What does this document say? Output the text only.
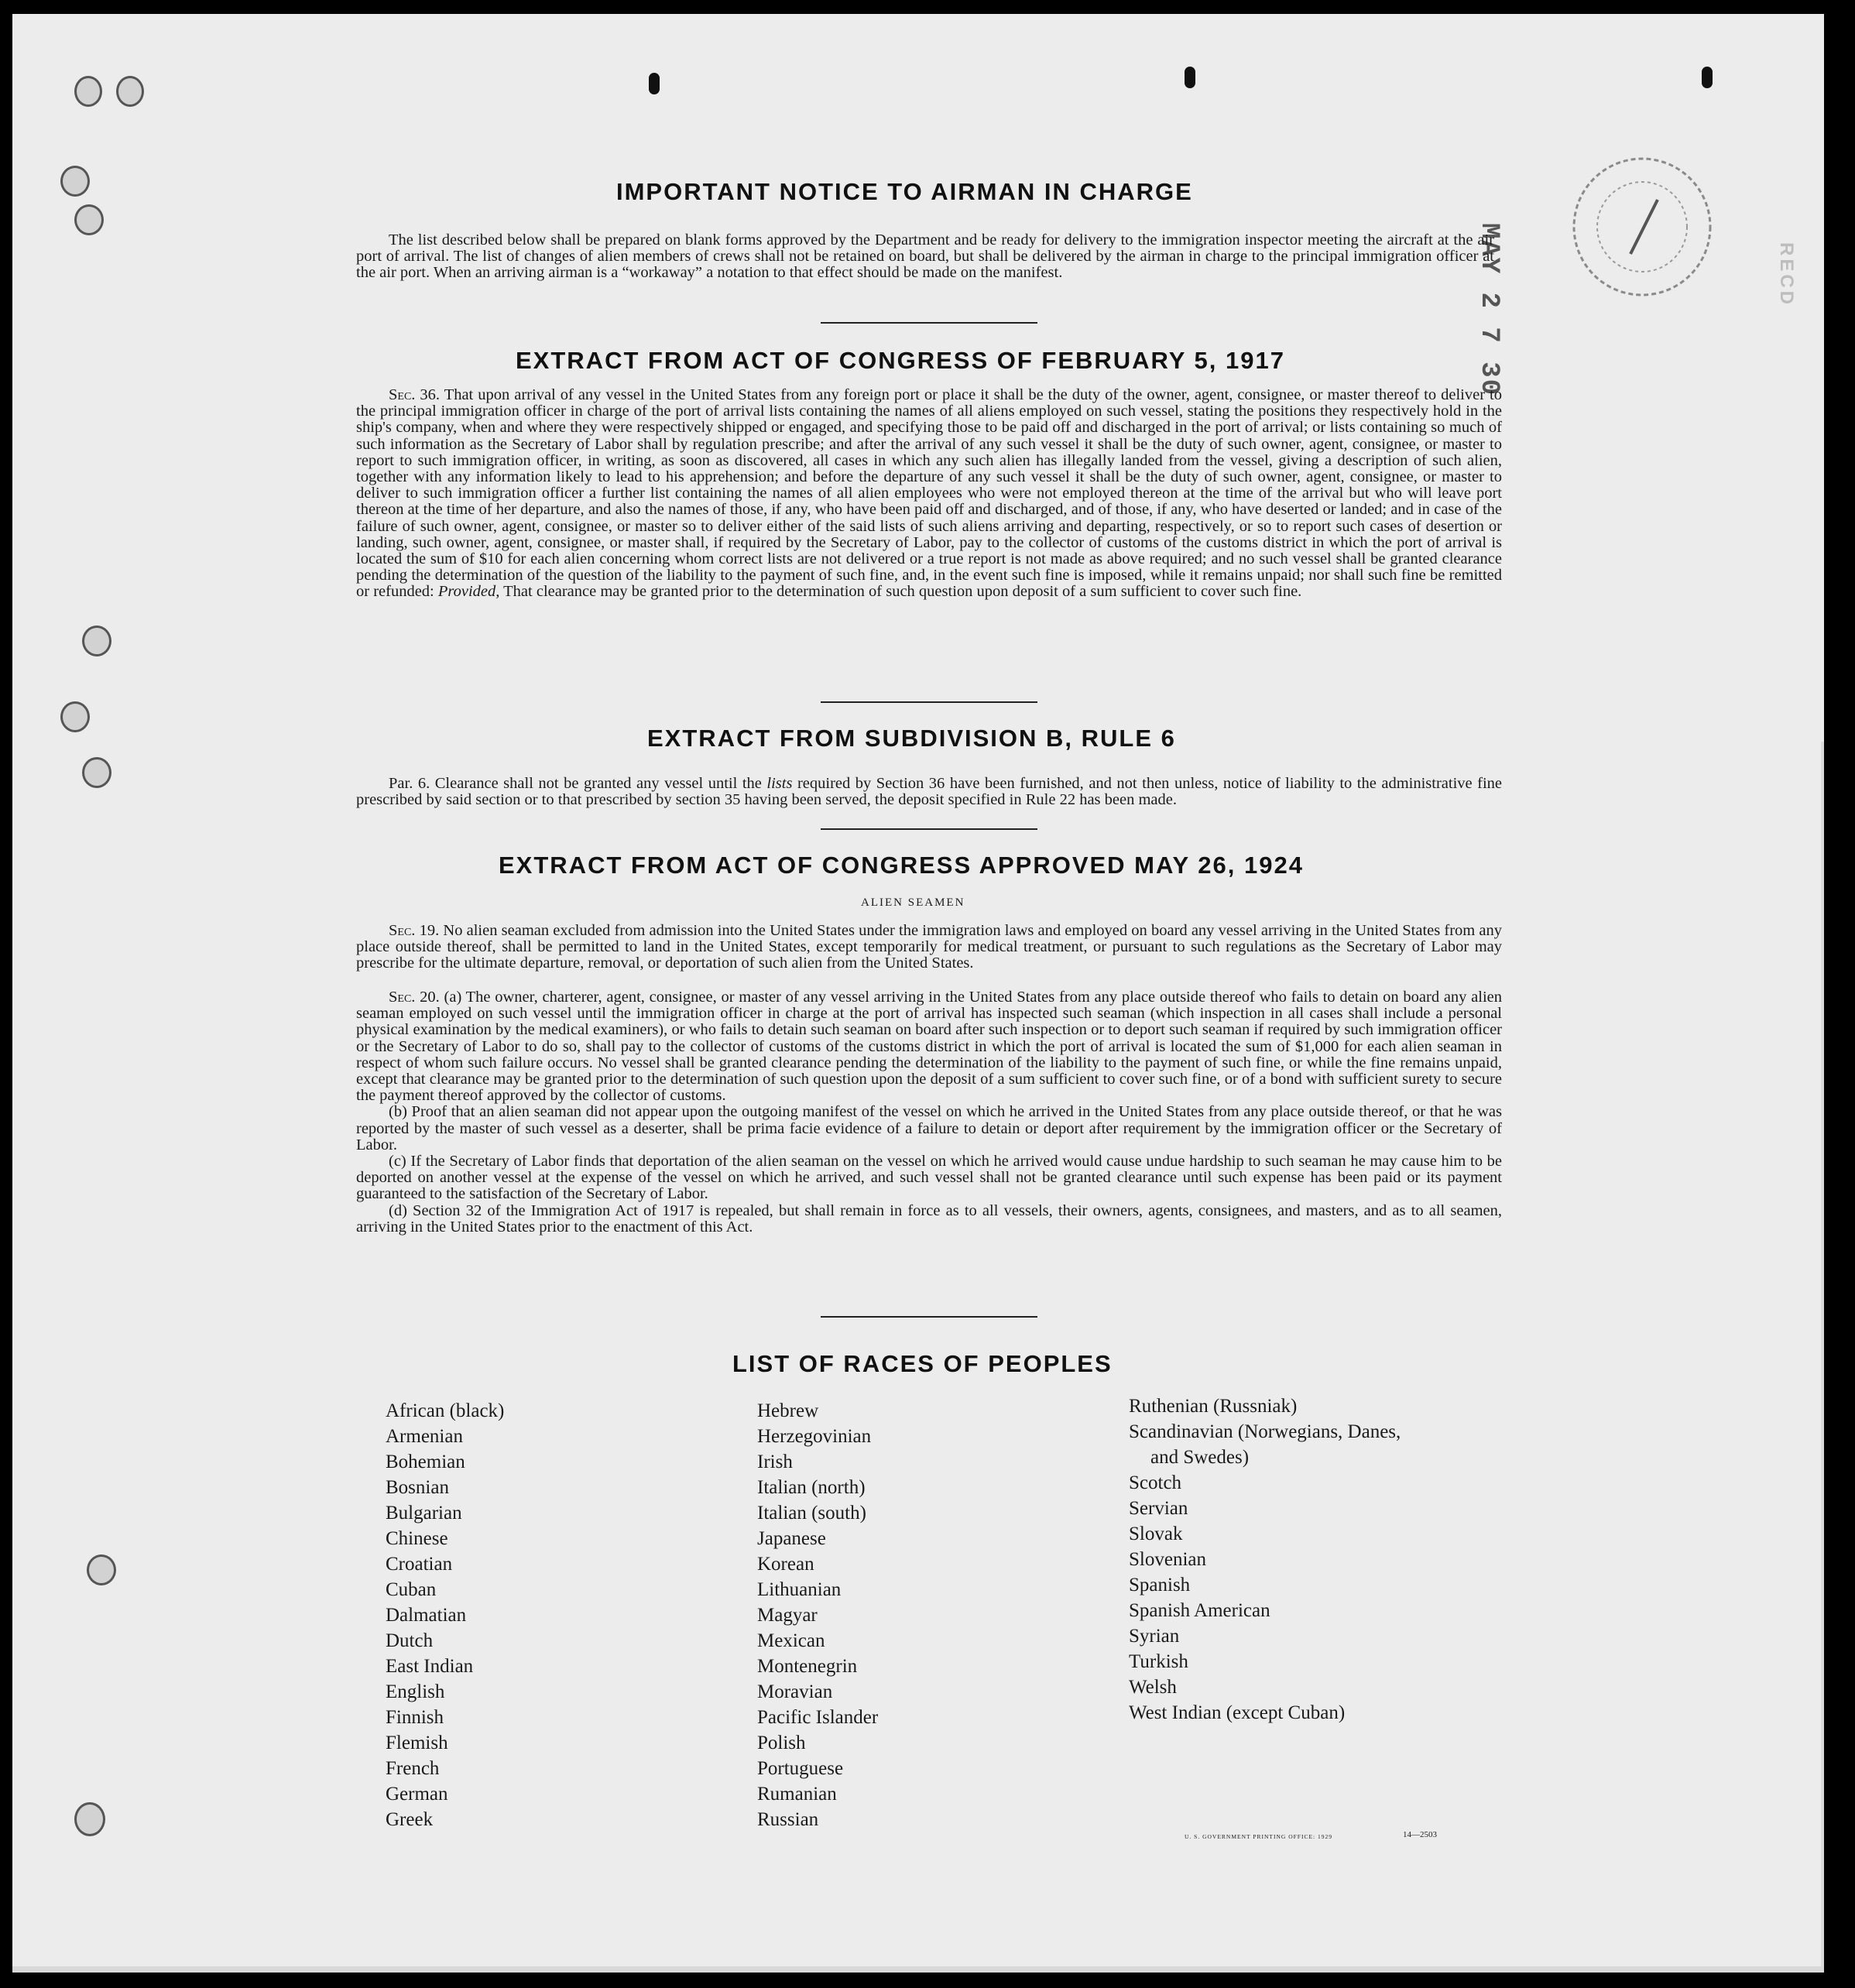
RECD
MAY 2 7 30
IMPORTANT NOTICE TO AIRMAN IN CHARGE

The list described below shall be prepared on blank forms approved by the Department and be ready for delivery to the immigration inspector meeting the aircraft at the air port of arrival. The list of changes of alien members of crews shall not be retained on board, but shall be delivered by the airman in charge to the principal immigration officer at the air port. When an arriving airman is a “workaway” a notation to that effect should be made on the manifest.

EXTRACT FROM ACT OF CONGRESS OF FEBRUARY 5, 1917

Sec. 36. That upon arrival of any vessel in the United States from any foreign port or place it shall be the duty of the owner, agent, consignee, or master thereof to deliver to the principal immigration officer in charge of the port of arrival lists containing the names of all aliens employed on such vessel, stating the positions they respectively hold in the ship's company, when and where they were respectively shipped or engaged, and specifying those to be paid off and discharged in the port of arrival; or lists containing so much of such information as the Secretary of Labor shall by regulation prescribe; and after the arrival of any such vessel it shall be the duty of such owner, agent, consignee, or master to report to such immigration officer, in writing, as soon as discovered, all cases in which any such alien has illegally landed from the vessel, giving a description of such alien, together with any information likely to lead to his apprehension; and before the departure of any such vessel it shall be the duty of such owner, agent, consignee, or master to deliver to such immigration officer a further list containing the names of all alien employees who were not employed thereon at the time of the arrival but who will leave port thereon at the time of her departure, and also the names of those, if any, who have been paid off and discharged, and of those, if any, who have deserted or landed; and in case of the failure of such owner, agent, consignee, or master so to deliver either of the said lists of such aliens arriving and departing, respectively, or so to report such cases of desertion or landing, such owner, agent, consignee, or master shall, if required by the Secretary of Labor, pay to the collector of customs of the customs district in which the port of arrival is located the sum of $10 for each alien concerning whom correct lists are not delivered or a true report is not made as above required; and no such vessel shall be granted clearance pending the determination of the question of the liability to the payment of such fine, and, in the event such fine is imposed, while it remains unpaid; nor shall such fine be remitted or refunded: Provided, That clearance may be granted prior to the determination of such question upon deposit of a sum sufficient to cover such fine.

EXTRACT FROM SUBDIVISION B, RULE 6

Par. 6. Clearance shall not be granted any vessel until the lists required by Section 36 have been furnished, and not then unless, notice of liability to the administrative fine prescribed by said section or to that prescribed by section 35 having been served, the deposit specified in Rule 22 has been made.

EXTRACT FROM ACT OF CONGRESS APPROVED MAY 26, 1924

ALIEN SEAMEN

Sec. 19. No alien seaman excluded from admission into the United States under the immigration laws and employed on board any vessel arriving in the United States from any place outside thereof, shall be permitted to land in the United States, except temporarily for medical treatment, or pursuant to such regulations as the Secretary of Labor may prescribe for the ultimate departure, removal, or deportation of such alien from the United States.

Sec. 20. (a) The owner, charterer, agent, consignee, or master of any vessel arriving in the United States from any place outside thereof who fails to detain on board any alien seaman employed on such vessel until the immigration officer in charge at the port of arrival has inspected such seaman (which inspection in all cases shall include a personal physical examination by the medical examiners), or who fails to detain such seaman on board after such inspection or to deport such seaman if required by such immigration officer or the Secretary of Labor to do so, shall pay to the collector of customs of the customs district in which the port of arrival is located the sum of $1,000 for each alien seaman in respect of whom such failure occurs. No vessel shall be granted clearance pending the determination of the liability to the payment of such fine, or while the fine remains unpaid, except that clearance may be granted prior to the determination of such question upon the deposit of a sum sufficient to cover such fine, or of a bond with sufficient surety to secure the payment thereof approved by the collector of customs.
(b) Proof that an alien seaman did not appear upon the outgoing manifest of the vessel on which he arrived in the United States from any place outside thereof, or that he was reported by the master of such vessel as a deserter, shall be prima facie evidence of a failure to detain or deport after requirement by the immigration officer or the Secretary of Labor.
(c) If the Secretary of Labor finds that deportation of the alien seaman on the vessel on which he arrived would cause undue hardship to such seaman he may cause him to be deported on another vessel at the expense of the vessel on which he arrived, and such vessel shall not be granted clearance until such expense has been paid or its payment guaranteed to the satisfaction of the Secretary of Labor.
(d) Section 32 of the Immigration Act of 1917 is repealed, but shall remain in force as to all vessels, their owners, agents, consignees, and masters, and as to all seamen, arriving in the United States prior to the enactment of this Act.

LIST OF RACES OF PEOPLES
African (black)
Armenian
Bohemian
Bosnian
Bulgarian
Chinese
Croatian
Cuban
Dalmatian
Dutch
East Indian
English
Finnish
Flemish
French
German
Greek
Hebrew
Herzegovinian
Irish
Italian (north)
Italian (south)
Japanese
Korean
Lithuanian
Magyar
Mexican
Montenegrin
Moravian
Pacific Islander
Polish
Portuguese
Rumanian
Russian
Ruthenian (Russniak)
Scandinavian (Norwegians, Danes,
and Swedes)
Scotch
Servian
Slovak
Slovenian
Spanish
Spanish American
Syrian
Turkish
Welsh
West Indian (except Cuban)
U. S. GOVERNMENT PRINTING OFFICE: 1929	14—2503
